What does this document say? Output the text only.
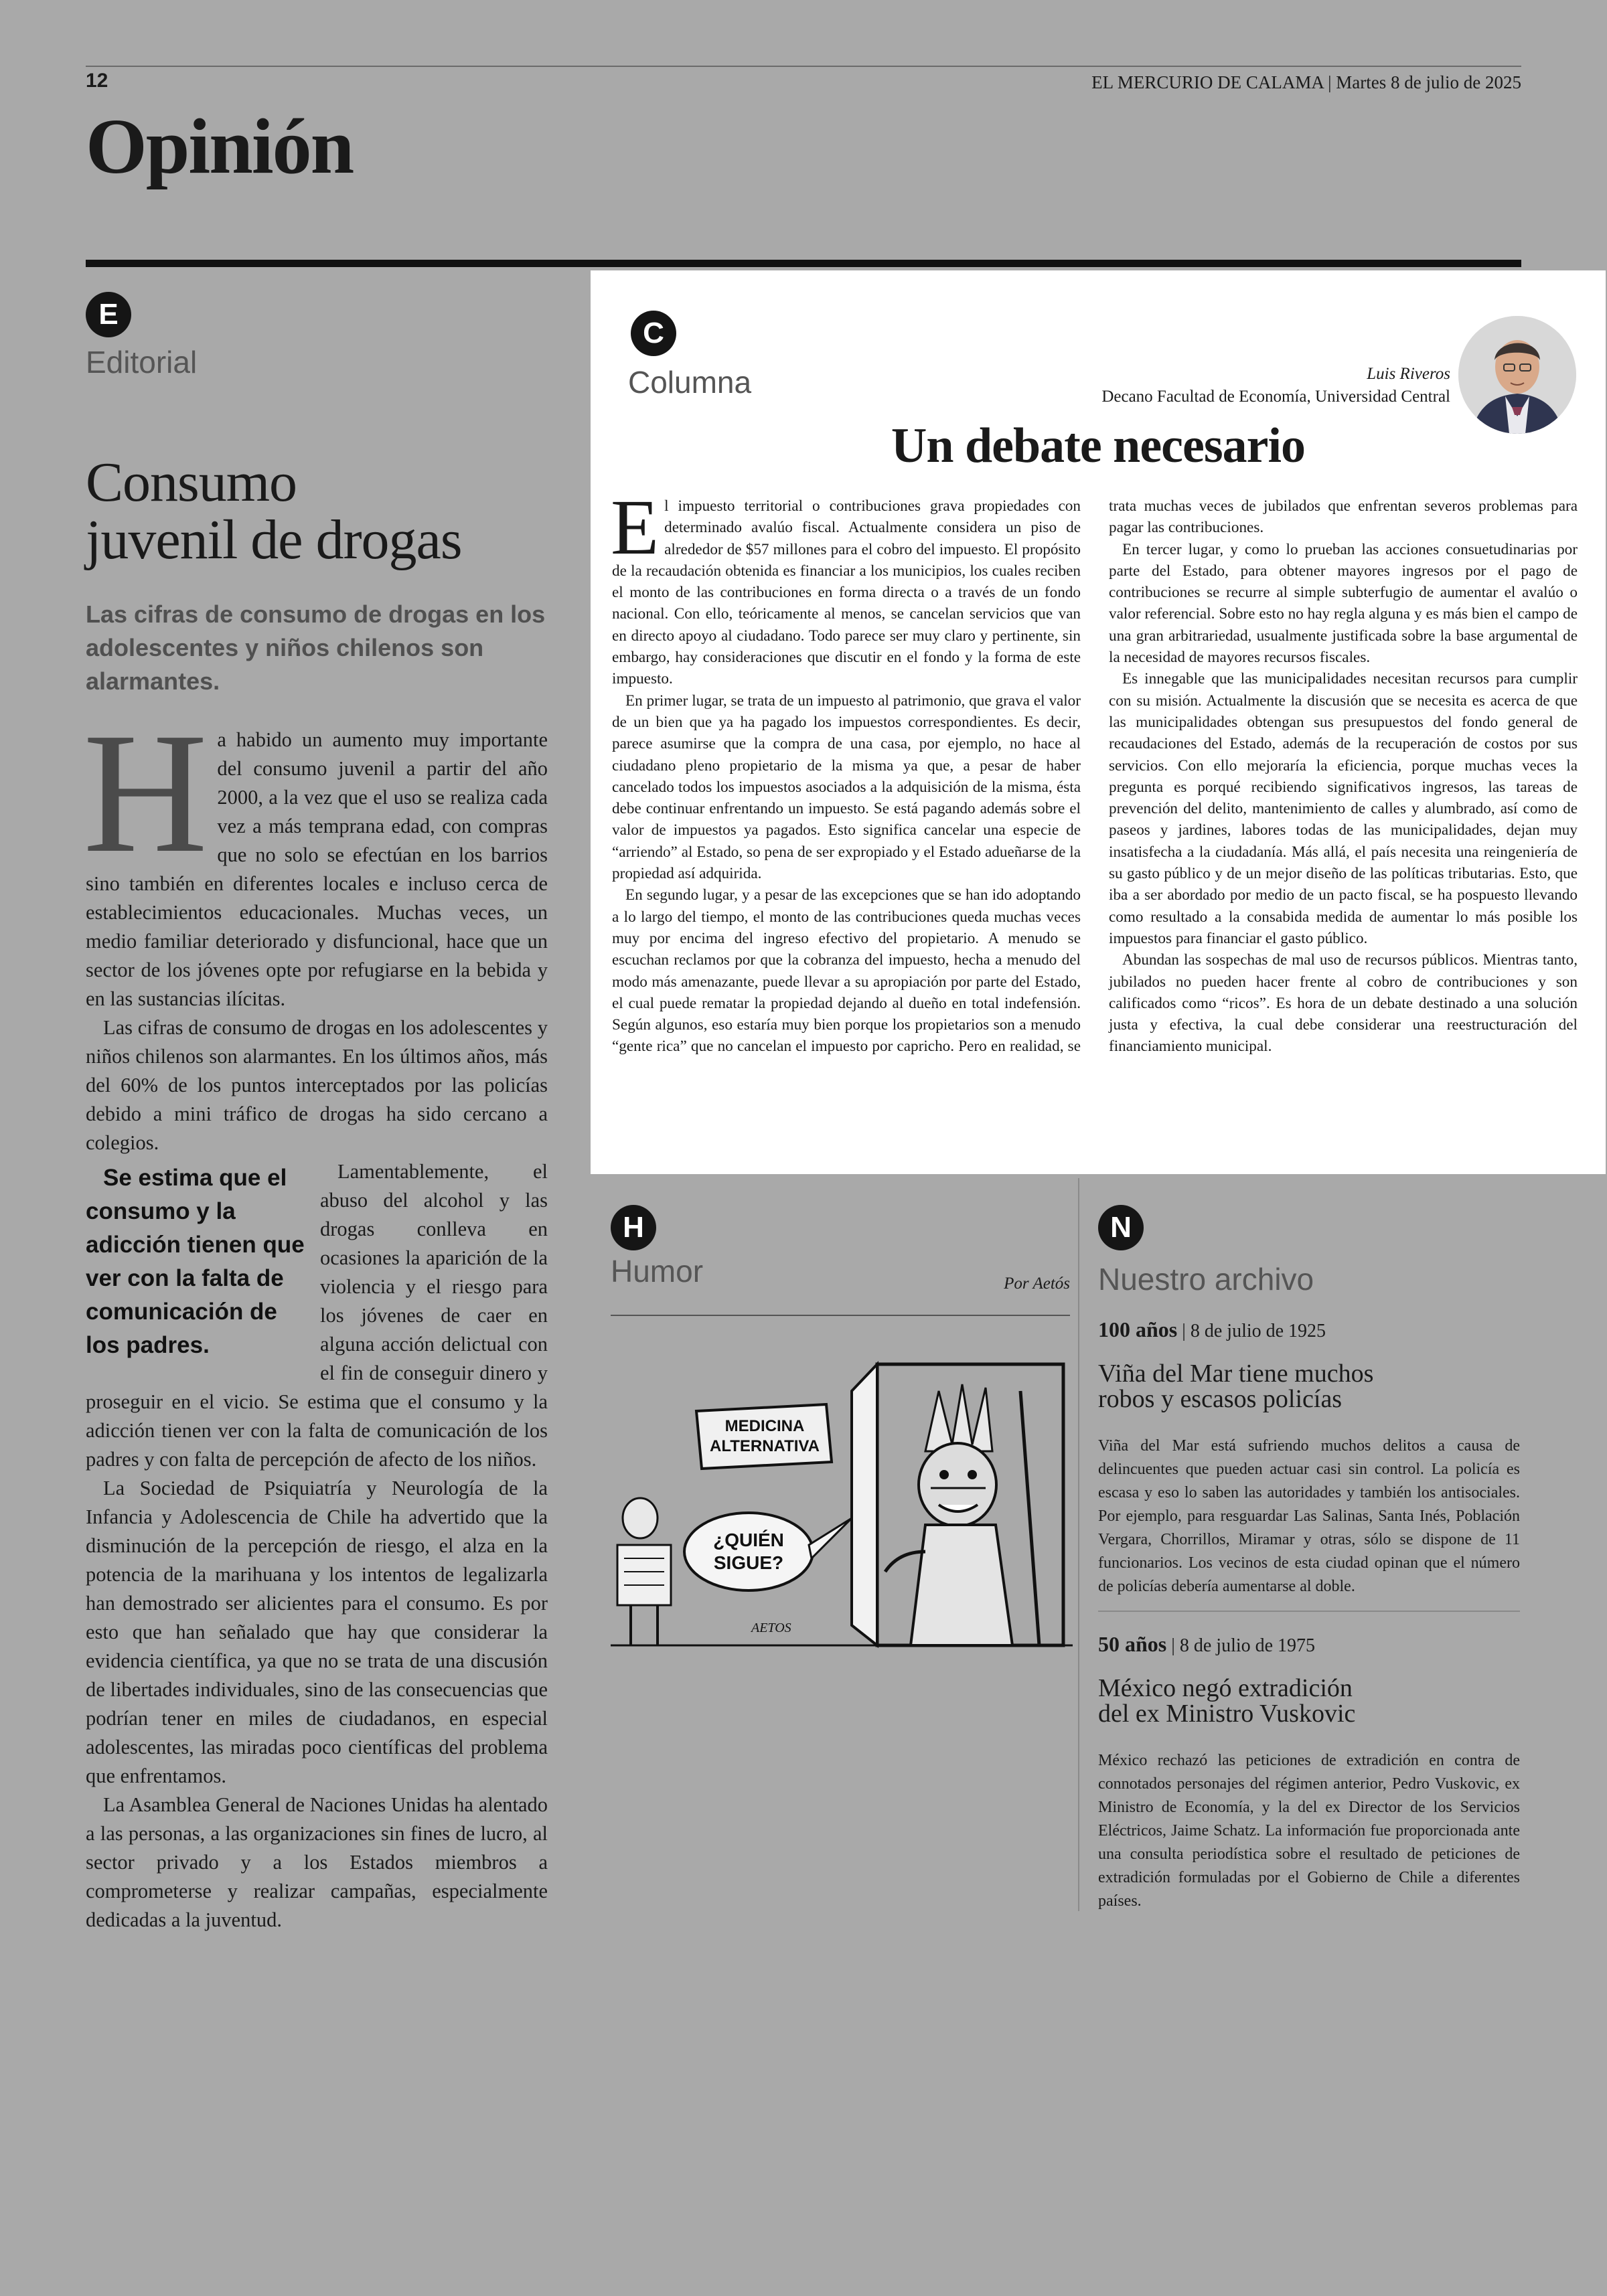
12	EL MERCURIO DE CALAMA | Martes 8 de julio de 2025
Opinión
E
Editorial
Consumo
juvenil de drogas
Las cifras de consumo de drogas en los adolescentes y niños chilenos son alarmantes.

Ha habido un aumento muy importante del consumo juvenil a partir del año 2000, a la vez que el uso se realiza cada vez a más temprana edad, con compras que no solo se efectúan en los barrios sino también en diferentes locales e incluso cerca de establecimientos educacionales. Muchas veces, un medio familiar deteriorado y disfuncional, hace que un sector de los jóvenes opte por refugiarse en la bebida y en las sustancias ilícitas.

Las cifras de consumo de drogas en los adolescentes y niños chilenos son alarmantes. En los últimos años, más del 60% de los puntos interceptados por las policías debido a mini tráfico de drogas ha sido cercano a colegios.

Se estima que el consumo y la adicción tienen que ver con la falta de comunicación de los padres.
Lamentablemente, el abuso del alcohol y las drogas conlleva en ocasiones la aparición de la violencia y el riesgo para los jóvenes de caer en alguna acción delictual con el fin de conseguir dinero y proseguir en el vicio. Se estima que el consumo y la adicción tienen ver con la falta de comunicación de los padres y con falta de percepción de afecto de los niños.

La Sociedad de Psiquiatría y Neurología de la Infancia y Adolescencia de Chile ha advertido que la disminución de la percepción de riesgo, el alza en la potencia de la marihuana y los intentos de legalizarla han demostrado ser alicientes para el consumo. Es por esto que han señalado que hay que considerar la evidencia científica, ya que no se trata de una discusión de libertades individuales, sino de las consecuencias que podrían tener en miles de ciudadanos, en especial adolescentes, las miradas poco científicas del problema que enfrentamos.

La Asamblea General de Naciones Unidas ha alentado a las personas, a las organizaciones sin fines de lucro, al sector privado y a los Estados miembros a comprometerse y realizar campañas, especialmente dedicadas a la juventud.

C
Columna	Luis Riveros
Decano Facultad de Economía, Universidad Central
Un debate necesario

El impuesto territorial o contribuciones grava propiedades con determinado avalúo fiscal. Actualmente considera un piso de alrededor de $57 millones para el cobro del impuesto. El propósito de la recaudación obtenida es financiar a los municipios, los cuales reciben el monto de las contribuciones en forma directa o a través de un fondo nacional. Con ello, teóricamente al menos, se cancelan servicios que van en directo apoyo al ciudadano. Todo parece ser muy claro y pertinente, sin embargo, hay consideraciones que discutir en el fondo y la forma de este impuesto.

En primer lugar, se trata de un impuesto al patrimonio, que grava el valor de un bien que ya ha pagado los impuestos correspondientes. Es decir, parece asumirse que la compra de una casa, por ejemplo, no hace al ciudadano pleno propietario de la misma ya que, a pesar de haber cancelado todos los impuestos asociados a la adquisición de la misma, ésta debe continuar enfrentando un impuesto. Se está pagando además sobre el valor de impuestos ya pagados. Esto significa cancelar una especie de “arriendo” al Estado, so pena de ser expropiado y el Estado adueñarse de la propiedad así adquirida.

En segundo lugar, y a pesar de las excepciones que se han ido adoptando a lo largo del tiempo, el monto de las contribuciones queda muchas veces muy por encima del ingreso efectivo del propietario. A menudo se escuchan reclamos por que la cobranza del impuesto, hecha a menudo del modo más amenazante, puede llevar a su apropiación por parte del Estado, el cual puede rematar la propiedad dejando al dueño en total indefensión. Según algunos, eso estaría muy bien porque los propietarios son a menudo “gente rica” que no cancelan el impuesto por capricho. Pero en realidad, se trata muchas veces de jubilados que enfrentan severos problemas para pagar las contribuciones.

En tercer lugar, y como lo prueban las acciones consuetudinarias por parte del Estado, para obtener mayores ingresos por el pago de contribuciones se recurre al simple subterfugio de aumentar el avalúo o valor referencial. Sobre esto no hay regla alguna y es más bien el campo de una gran arbitrariedad, usualmente justificada sobre la base argumental de la necesidad de mayores recursos fiscales.

Es innegable que las municipalidades necesitan recursos para cumplir con su misión. Actualmente la discusión que se necesita es acerca de que las municipalidades obtengan sus presupuestos del fondo general de recaudaciones del Estado, además de la recuperación de costos por sus servicios. Con ello mejoraría la eficiencia, porque muchas veces la pregunta es porqué recibiendo significativos ingresos, las tareas de prevención del delito, mantenimiento de calles y alumbrado, así como de paseos y jardines, labores todas de las municipalidades, dejan muy insatisfecha a la ciudadanía. Más allá, el país necesita una reingeniería de su gasto público y de un mejor diseño de las políticas tributarias. Esto, que iba a ser abordado por medio de un pacto fiscal, se ha pospuesto llevando como resultado a la consabida medida de aumentar lo más posible los impuestos para financiar el gasto público.

Abundan las sospechas de mal uso de recursos públicos. Mientras tanto, jubilados no pueden hacer frente al cobro de contribuciones y son calificados como “ricos”. Es hora de un debate destinado a una solución justa y efectiva, la cual debe considerar una reestructuración del financiamiento municipal.

H
Humor	Por Aetós
MEDICINA
ALTERNATIVA
¿QUIÉN
SIGUE?
AETOS
N
Nuestro archivo
100 años | 8 de julio de 1925
Viña del Mar tiene muchos
robos y escasos policías
Viña del Mar está sufriendo muchos delitos a causa de delincuentes que pueden actuar casi sin control. La policía es escasa y eso lo saben las autoridades y también los antisociales. Por ejemplo, para resguardar Las Salinas, Santa Inés, Población Vergara, Chorrillos, Miramar y otras, sólo se dispone de 11 funcionarios. Los vecinos de esta ciudad opinan que el número de policías debería aumentarse al doble.
50 años | 8 de julio de 1975
México negó extradición
del ex Ministro Vuskovic
México rechazó las peticiones de extradición en contra de connotados personajes del régimen anterior, Pedro Vuskovic, ex Ministro de Economía, y la del ex Director de los Servicios Eléctricos, Jaime Schatz. La información fue proporcionada ante una consulta periodística sobre el resultado de peticiones de extradición formuladas por el Gobierno de Chile a diferentes países.
